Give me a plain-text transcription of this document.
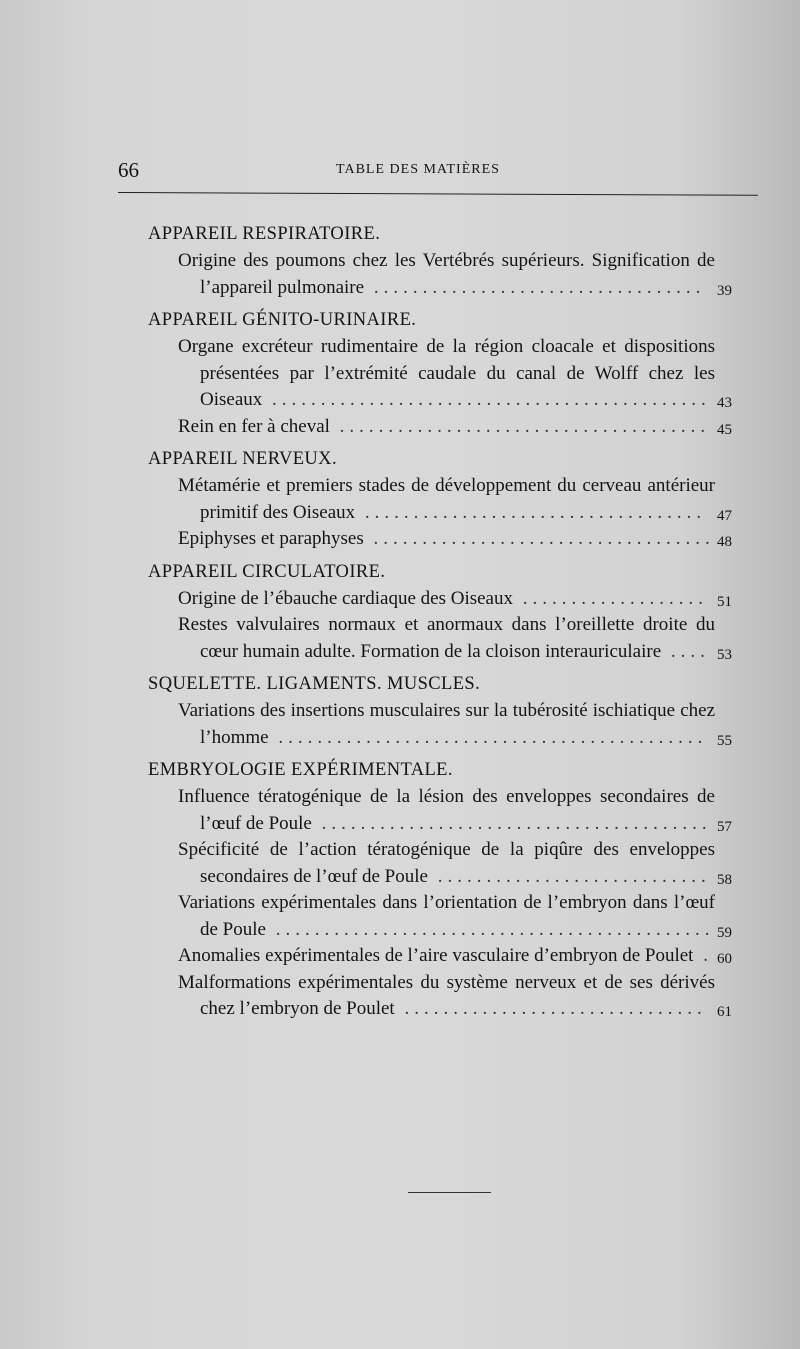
66	TABLE DES MATIÈRES
APPAREIL RESPIRATOIRE.
Origine des poumons chez les Vertébrés supérieurs. Signification de l’appareil pulmonaire .................................. 39
APPAREIL GÉNITO-URINAIRE.
Organe excréteur rudimentaire de la région cloacale et dispositions présentées par l’extrémité caudale du canal de Wolff chez les Oiseaux ............................................. 43
Rein en fer à cheval ...................................... 45
APPAREIL NERVEUX.
Métamérie et premiers stades de développement du cerveau antérieur primitif des Oiseaux ................................... 47
Epiphyses et paraphyses ................................... 48
APPAREIL CIRCULATOIRE.
Origine de l’ébauche cardiaque des Oiseaux ................... 51
Restes valvulaires normaux et anormaux dans l’oreillette droite du cœur humain adulte. Formation de la cloison interauriculaire .... 53
SQUELETTE. LIGAMENTS. MUSCLES.
Variations des insertions musculaires sur la tubérosité ischiatique chez l’homme ............................................ 55
EMBRYOLOGIE EXPÉRIMENTALE.
Influence tératogénique de la lésion des enveloppes secondaires de l’œuf de Poule ........................................ 57
Spécificité de l’action tératogénique de la piqûre des enveloppes secondaires de l’œuf de Poule ............................ 58
Variations expérimentales dans l’orientation de l’embryon dans l’œuf de Poule ............................................. 59
Anomalies expérimentales de l’aire vasculaire d’embryon de Poulet . 60
Malformations expérimentales du système nerveux et de ses dérivés chez l’embryon de Poulet ............................... 61
